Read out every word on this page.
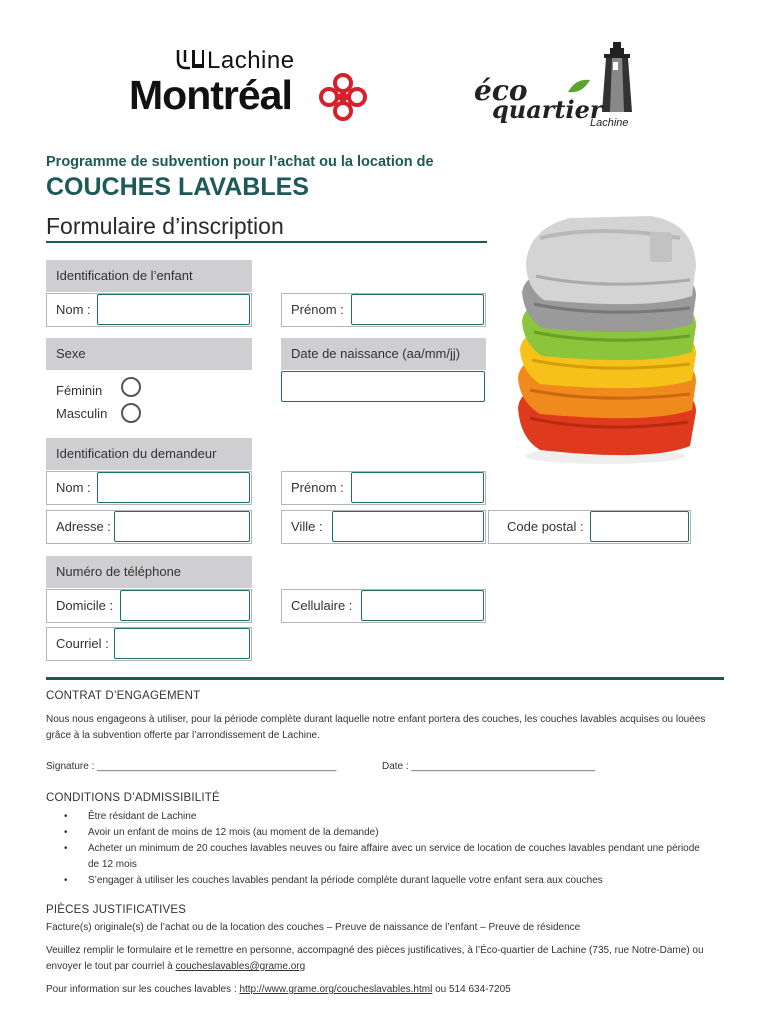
Lachine
Montréal	éco
quartier
Lachine
Programme de subvention pour l’achat ou la location de
COUCHES LAVABLES
Formulaire d’inscription
Identification de l’enfant
Nom :	Prénom :
Sexe	Date de naissance (aa/mm/jj)
Féminin
Masculin
Identification du demandeur
Nom :	Prénom :
Adresse :	Ville :	Code postal :
Numéro de téléphone
Domicile :	Cellulaire :
Courriel :
CONTRAT D’ENGAGEMENT
Nous nous engageons à utiliser, pour la période complète durant laquelle notre enfant portera des couches, les couches lavables acquises ou louées grâce à la subvention offerte par l’arrondissement de Lachine.
Signature : ___________________________________________	Date : _________________________________
CONDITIONS D’ADMISSIBILITÉ
• Être résidant de Lachine
• Avoir un enfant de moins de 12 mois (au moment de la demande)
• Acheter un minimum de 20 couches lavables neuves ou faire affaire avec un service de location de couches lavables pendant une période de 12 mois
• S’engager à utiliser les couches lavables pendant la période complète durant laquelle votre enfant sera aux couches
PIÈCES JUSTIFICATIVES
Facture(s) originale(s) de l’achat ou de la location des couches – Preuve de naissance de l’enfant – Preuve de résidence
Veuillez remplir le formulaire et le remettre en personne, accompagné des pièces justificatives, à l’Éco-quartier de Lachine (735, rue Notre-Dame) ou envoyer le tout par courriel à coucheslavables@grame.org
Pour information sur les couches lavables : http://www.grame.org/coucheslavables.html ou 514 634-7205
